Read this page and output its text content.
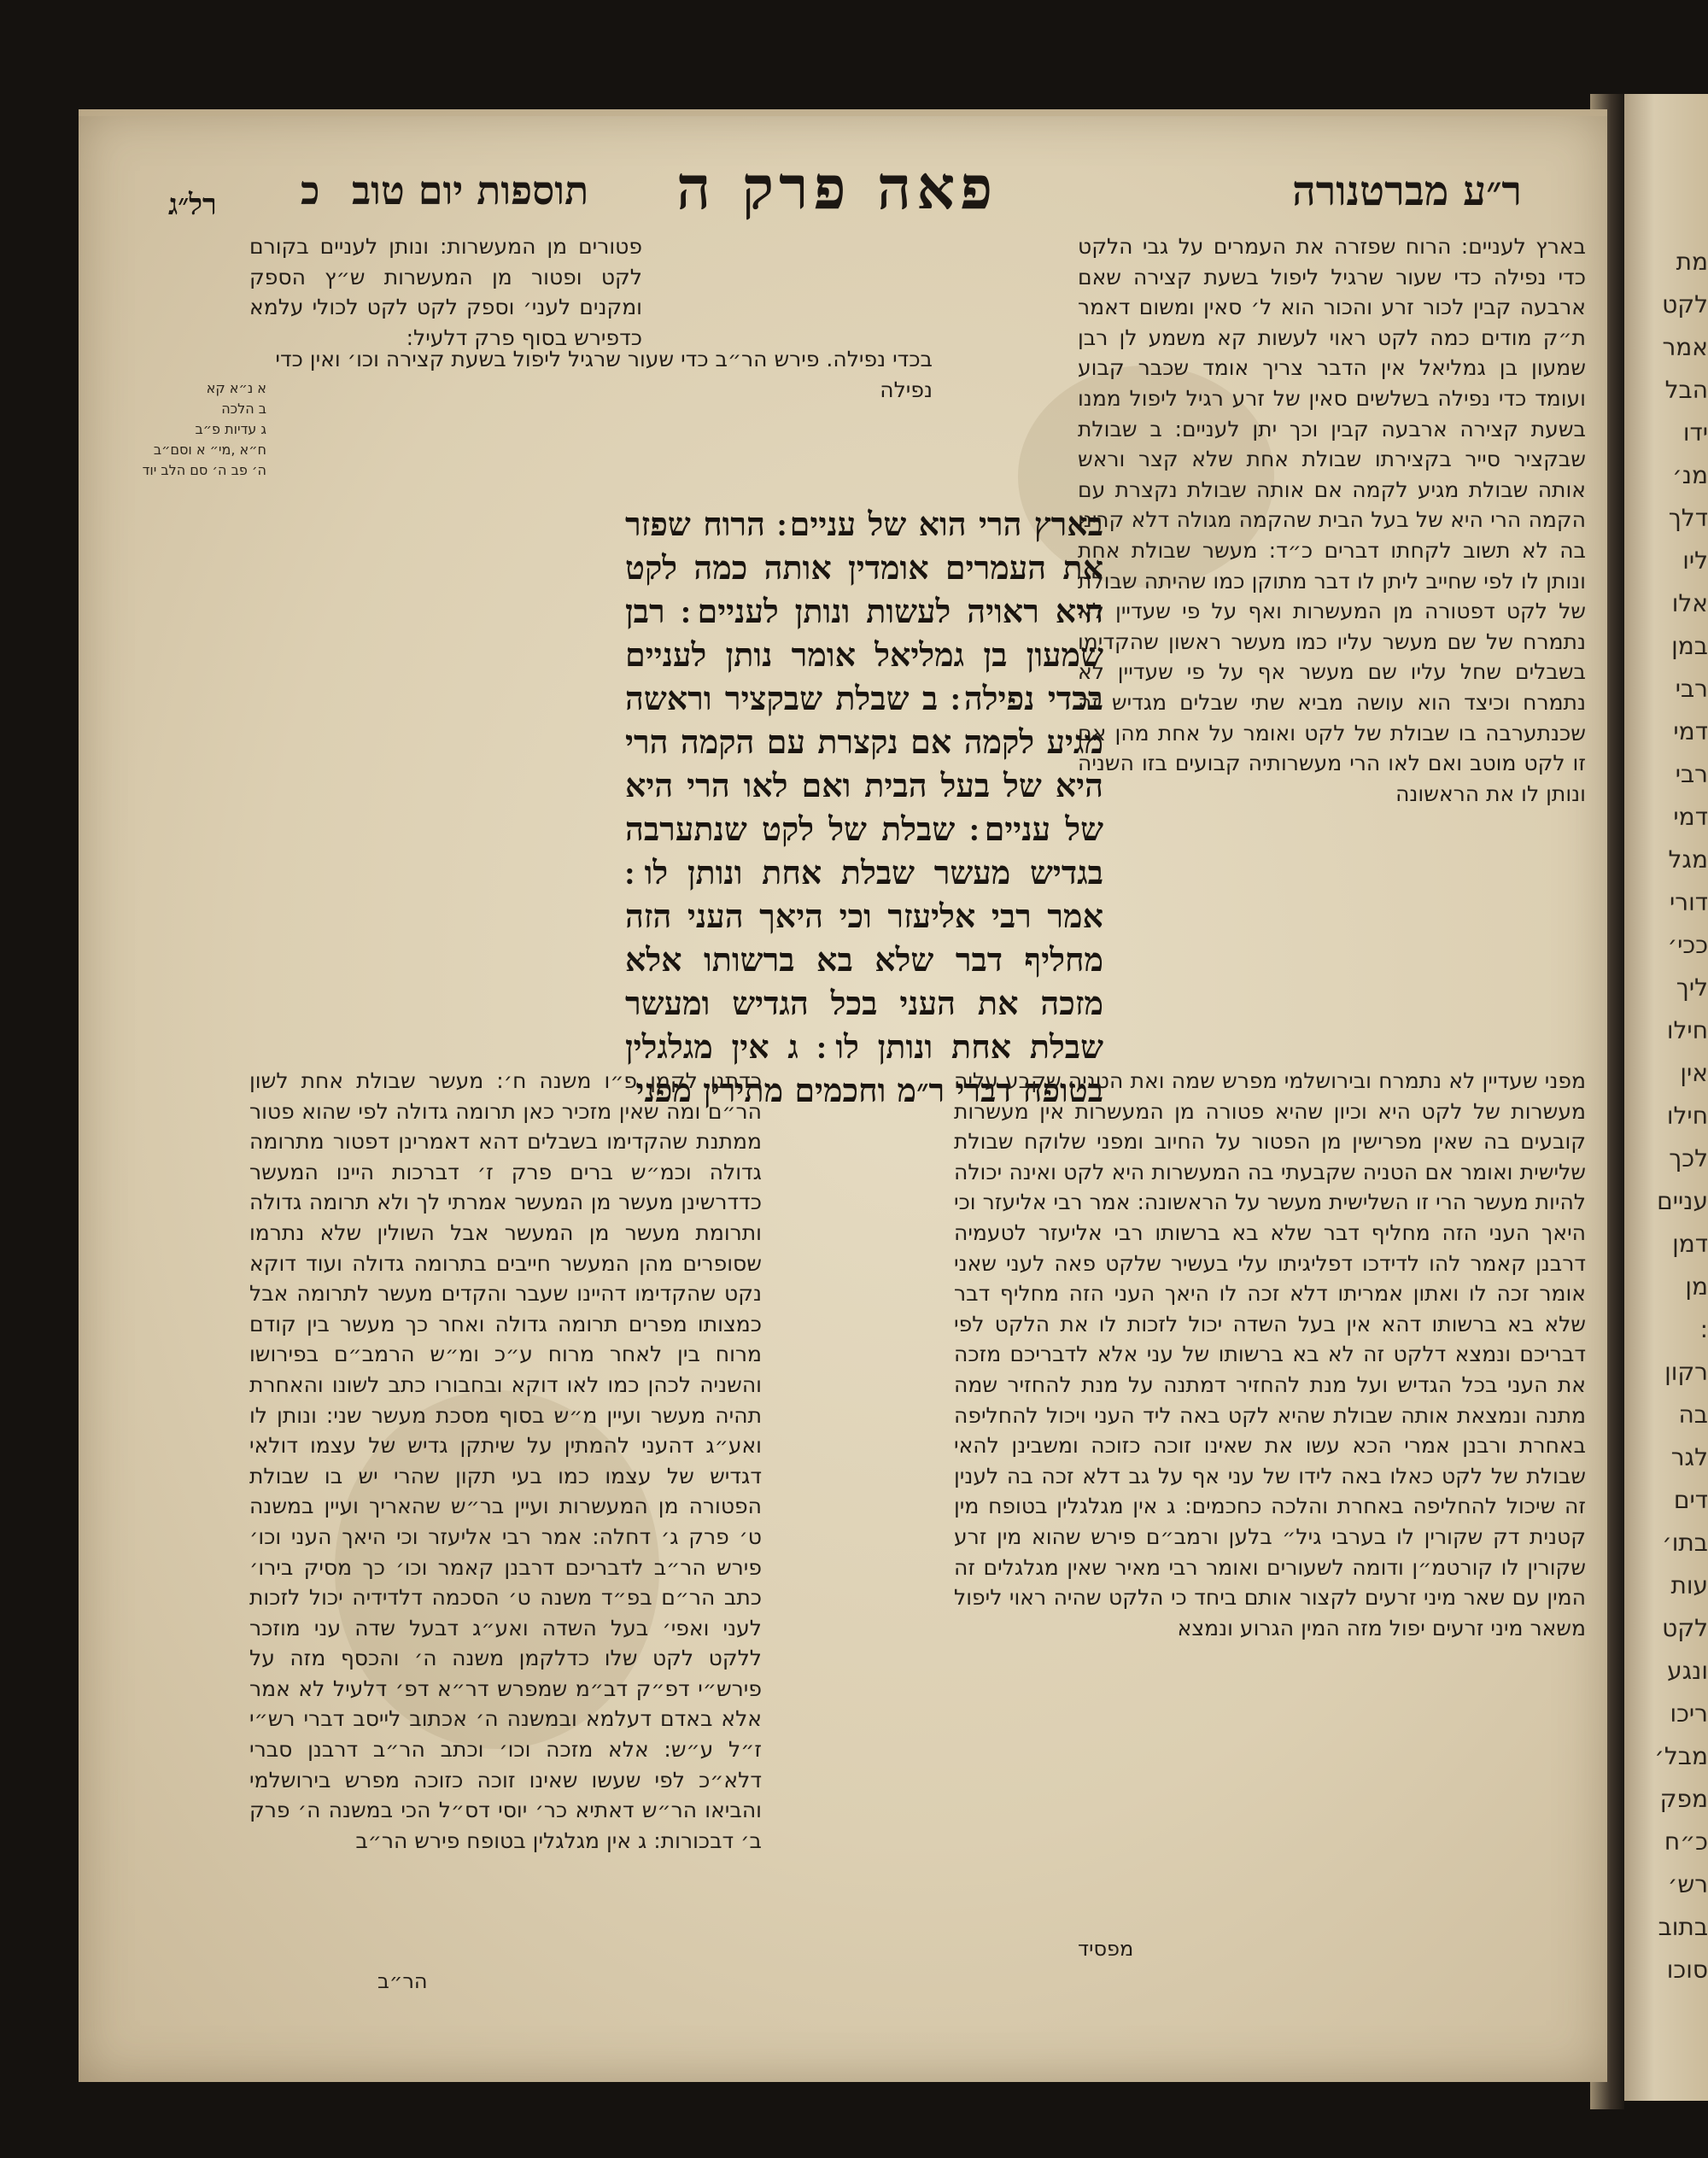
ר״ע מברטנורה
פאה פרק ה
תוספות יום טוב
כ
רל״ג
בארץ לעניים: הרוח שפזרה את העמרים על גבי הלקט כדי נפילה כדי שעור שרגיל ליפול בשעת קצירה שאם ארבעה קבין לכור זרע והכור הוא ל׳ סאין ומשום דאמר ת״ק מודים כמה לקט ראוי לעשות קא משמע לן רבן שמעון בן גמליאל אין הדבר צריך אומד שכבר קבוע ועומד כדי נפילה בשלשים סאין של זרע רגיל ליפול ממנו בשעת קצירה ארבעה קבין וכך יתן לעניים: ב שבולת שבקציר סייר בקצירתו שבולת אחת שלא קצר וראש אותה שבולת מגיע לקמה אם אותה שבולת נקצרת עם הקמה הרי היא של בעל הבית שהקמה מגולה דלא קרינן בה לא תשוב לקחתו דברים כ״ד: מעשר שבולת אחת ונותן לו לפי שחייב ליתן לו דבר מתוקן כמו שהיתה שבולת של לקט דפטורה מן המעשרות ואף על פי שעדיין לא נתמרח של שם מעשר עליו כמו מעשר ראשון שהקדימו בשבלים שחל עליו שם מעשר אף על פי שעדיין לא נתמרח וכיצד הוא עושה מביא שתי שבלים מגדיש זה שכנתערבה בו שבולת של לקט ואומר על אחת מהן אם זו לקט מוטב ואם לאו הרי מעשרותיה קבועים בזו השניה ונותן לו את הראשונה
פטורים מן המעשרות: ונותן לעניים בקורם לקט ופטור מן המעשרות ש״ץ הספק ומקנים לעני׳ וספק לקט לקט לכולי עלמא כדפירש בסוף פרק דלעיל:
בכדי נפילה. פירש הר״ב כדי שעור שרגיל ליפול בשעת קצירה וכו׳ ואין כדי נפילה
בארץ הרי הוא של עניים ׃ הרוח שפזר את העמרים אומדין אותה כמה לקט היא ראויה לעשות ונותן לעניים ׃ רבן שמעון בן גמליאל אומר נותן לעניים בכדי נפילה ׃ ב שבלת שבקציר וראשה מגיע לקמה אם נקצרת עם הקמה הרי היא של בעל הבית ואם לאו הרי היא של עניים ׃ שבלת של לקט שנתערבה בגדיש מעשר שבלת אחת ונותן לו ׃ אמר רבי אליעזר וכי היאך העני הזה מחליף דבר שלא בא ברשותו אלא מזכה את העני בכל הגדיש ומעשר שבלת אחת ונותן לו ׃ ג אין מגלגלין בטופח דברי ר״מ וחכמים מתירין מפני
מפני שעדיין לא נתמרח ובירושלמי מפרש שמה ואת הטניה שקבע עליה מעשרות של לקט היא וכיון שהיא פטורה מן המעשרות אין מעשרות קובעים בה שאין מפרישין מן הפטור על החיוב ומפני שלוקח שבולת שלישית ואומר אם הטניה שקבעתי בה המעשרות היא לקט ואינה יכולה להיות מעשר הרי זו השלישית מעשר על הראשונה: אמר רבי אליעזר וכי היאך העני הזה מחליף דבר שלא בא ברשותו רבי אליעזר לטעמיה דרבנן קאמר להו לדידכו דפליגיתו עלי בעשיר שלקט פאה לעני שאני אומר זכה לו ואתון אמריתו דלא זכה לו היאך העני הזה מחליף דבר שלא בא ברשותו דהא אין בעל השדה יכול לזכות לו את הלקט לפי דבריכם ונמצא דלקט זה לא בא ברשותו של עני אלא לדבריכם מזכה את העני בכל הגדיש ועל מנת להחזיר דמתנה על מנת להחזיר שמה מתנה ונמצאת אותה שבולת שהיא לקט באה ליד העני ויכול להחליפה באחרת ורבנן אמרי הכא עשו את שאינו זוכה כזוכה ומשבינן להאי שבולת של לקט כאלו באה לידו של עני אף על גב דלא זכה בה לענין זה שיכול להחליפה באחרת והלכה כחכמים: ג אין מגלגלין בטופח מין קטנית דק שקורין לו בערבי גיל״ בלען ורמב״ם פירש שהוא מין זרע שקורין לו קורטמ״ן ודומה לשעורים ואומר רבי מאיר שאין מגלגלים זה המין עם שאר מיני זרעים לקצור אותם ביחד כי הלקט שהיה ראוי ליפול משאר מיני זרעים יפול מזה המין הגרוע ונמצא
כדתנן לקמן פ״ו משנה ח׳: מעשר שבולת אחת לשון הר״ם ומה שאין מזכיר כאן תרומה גדולה לפי שהוא פטור ממתנת שהקדימו בשבלים דהא דאמרינן דפטור מתרומה גדולה וכמ״ש ברים פרק ז׳ דברכות היינו המעשר כדדרשינן מעשר מן המעשר אמרתי לך ולא תרומה גדולה ותרומת מעשר מן המעשר אבל השולין שלא נתרמו שסופרים מהן המעשר חייבים בתרומה גדולה ועוד דוקא נקט שהקדימו דהיינו שעבר והקדים מעשר לתרומה אבל כמצותו מפרים תרומה גדולה ואחר כך מעשר בין קודם מרוח בין לאחר מרוח ע״כ ומ״ש הרמב״ם בפירושו והשניה לכהן כמו לאו דוקא ובחבורו כתב לשונו והאחרת תהיה מעשר ועיין מ״ש בסוף מסכת מעשר שני: ונותן לו ואע״ג דהעני להמתין על שיתקן גדיש של עצמו דולאי דגדיש של עצמו כמו בעי תקון שהרי יש בו שבולת הפטורה מן המעשרות ועיין בר״ש שהאריך ועיין במשנה ט׳ פרק ג׳ דחלה: אמר רבי אליעזר וכי היאך העני וכו׳ פירש הר״ב לדבריכם דרבנן קאמר וכו׳ כך מסיק בירו׳ כתב הר״ם בפ״ד משנה ט׳ הסכמה דלדידיה יכול לזכות לעני ואפי׳ בעל השדה ואע״ג דבעל שדה עני מוזכר ללקט לקט שלו כדלקמן משנה ה׳ והכסף מזה על פירש״י דפ״ק דב״מ שמפרש דר״א דפ׳ דלעיל לא אמר אלא באדם דעלמא ובמשנה ה׳ אכתוב לייסב דברי רש״י ז״ל ע״ש: אלא מזכה וכו׳ וכתב הר״ב דרבנן סברי דלא״כ לפי שעשו שאינו זוכה כזוכה מפרש בירושלמי והביאו הר״ש דאתיא כר׳ יוסי דס״ל הכי במשנה ה׳ פרק ב׳ דבכורות: ג אין מגלגלין בטופח פירש הר״ב
א נ״א קא
ב הלכה
ג עדיות פ״ב
ח״א ,מי״ א וסם״ב
ה׳ פב ה׳ סם הלב יוד
מפסיד
הר״ב
מת
לקט
אמר
הבל
ידו
מנ׳
דלך
ליו
אלו
במן
רבי
דמי
רבי
דמי
מגל
דורי
ככי׳
ליך
חילו
אין
חילו
לכך
עניים
דמן
מן
:
רקון
בה
לגר
דים
בתו׳
עות
לקט
ונגע
ריכו
מבל׳
מפק
כ״ח
רש׳
בתוב
סוכו
